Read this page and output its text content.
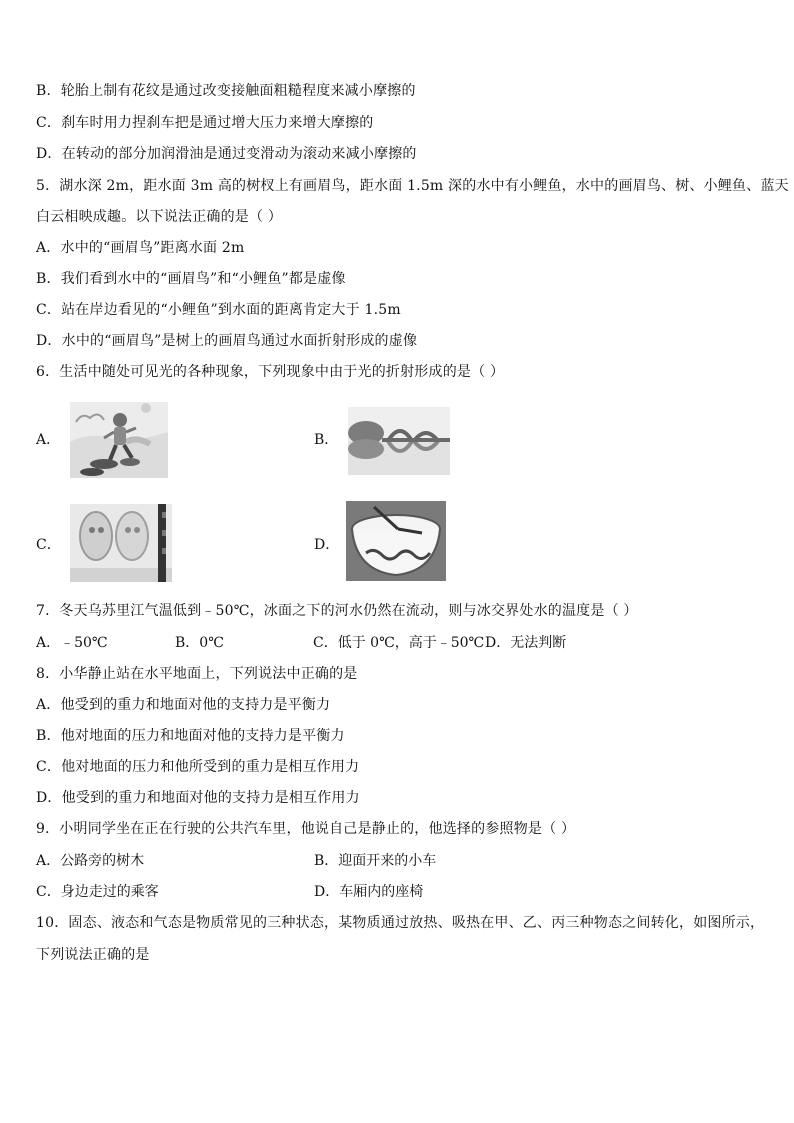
B．轮胎上制有花纹是通过改变接触面粗糙程度来减小摩擦的
C．刹车时用力捏刹车把是通过增大压力来增大摩擦的
D．在转动的部分加润滑油是通过变滑动为滚动来减小摩擦的
5．湖水深 2m，距水面 3m 高的树杈上有画眉鸟，距水面 1.5m 深的水中有小鲤鱼，水中的画眉鸟、树、小鲤鱼、蓝天
白云相映成趣。以下说法正确的是（ ）
A．水中的“画眉鸟”距离水面 2m
B．我们看到水中的“画眉鸟”和“小鲤鱼”都是虚像
C．站在岸边看见的“小鲤鱼”到水面的距离肯定大于 1.5m
D．水中的“画眉鸟”是树上的画眉鸟通过水面折射形成的虚像
6．生活中随处可见光的各种现象，下列现象中由于光的折射形成的是（ ）
A．	B．
C．	D．
7．冬天乌苏里江气温低到﹣50℃，冰面之下的河水仍然在流动，则与冰交界处水的温度是（ ）
A．﹣50℃	B．0℃	C．低于 0℃，高于﹣50℃ D．无法判断
8．小华静止站在水平地面上，下列说法中正确的是
A．他受到的重力和地面对他的支持力是平衡力
B．他对地面的压力和地面对他的支持力是平衡力
C．他对地面的压力和他所受到的重力是相互作用力
D．他受到的重力和地面对他的支持力是相互作用力
9．小明同学坐在正在行驶的公共汽车里，他说自己是静止的，他选择的参照物是（ ）
A．公路旁的树木	B．迎面开来的小车
C．身边走过的乘客	D．车厢内的座椅
10．固态、液态和气态是物质常见的三种状态，某物质通过放热、吸热在甲、乙、丙三种物态之间转化，如图所示，
下列说法正确的是
